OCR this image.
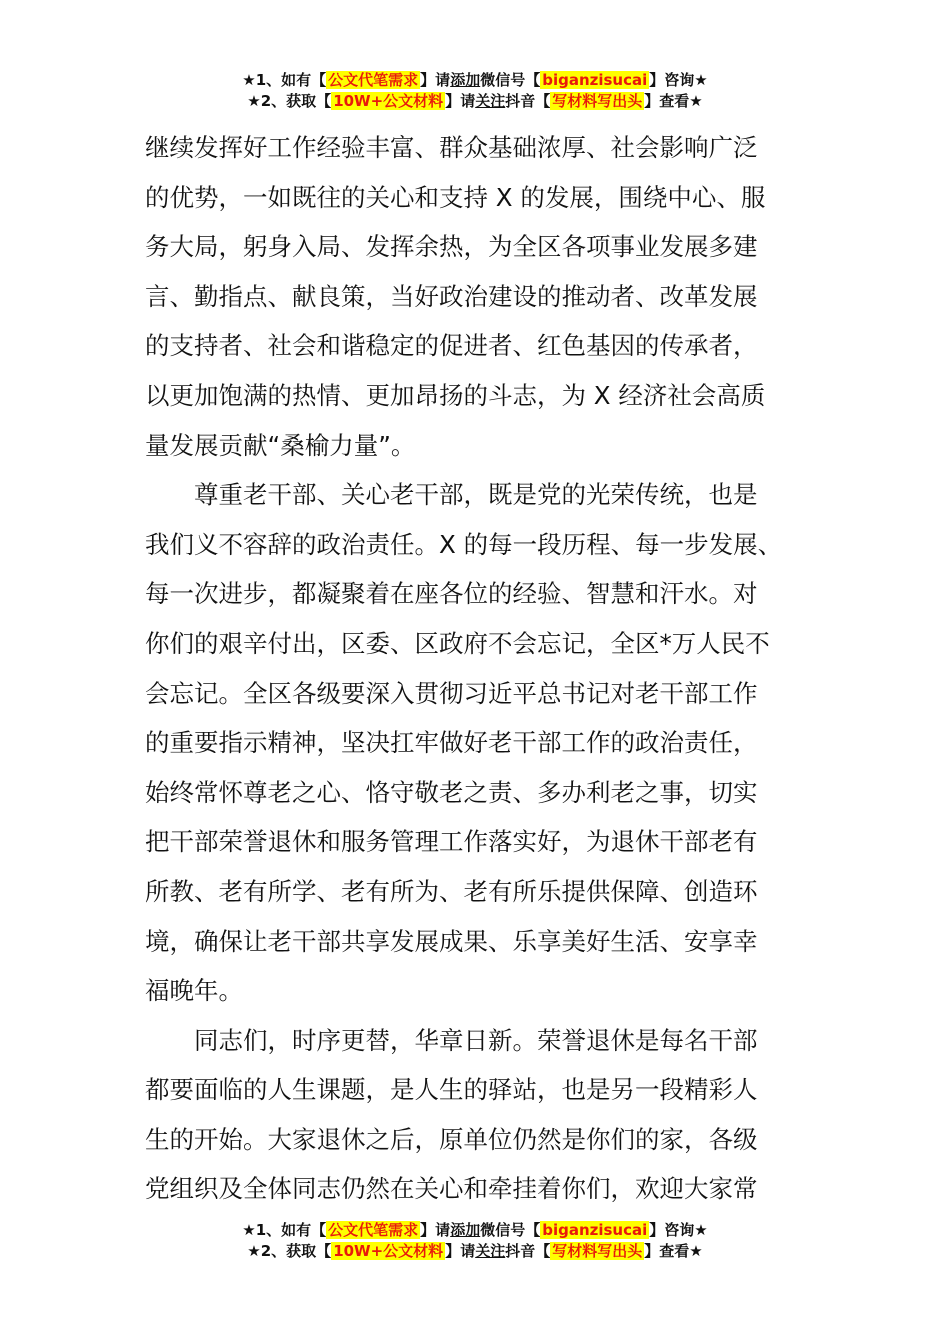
★1、如有【 公文代笔需求 】请添加微信号【 biganzisucai 】咨询★
★2、获取【 10W+公文材料 】请关注抖音【 写材料写出头 】查看★
继续发挥好工作经验丰富、群众基础浓厚、社会影响广泛
的优势，一如既往的关心和支持 X 的发展，围绕中心、服
务大局，躬身入局、发挥余热，为全区各项事业发展多建
言、勤指点、献良策，当好政治建设的推动者、改革发展
的支持者、社会和谐稳定的促进者、红色基因的传承者，
以更加饱满的热情、更加昂扬的斗志，为 X 经济社会高质
量发展贡献“桑榆力量”。
尊重老干部、关心老干部，既是党的光荣传统，也是
我们义不容辞的政治责任。X 的每一段历程、每一步发展、
每一次进步，都凝聚着在座各位的经验、智慧和汗水。对
你们的艰辛付出，区委、区政府不会忘记，全区*万人民不
会忘记。全区各级要深入贯彻习近平总书记对老干部工作
的重要指示精神，坚决扛牢做好老干部工作的政治责任，
始终常怀尊老之心、恪守敬老之责、多办利老之事，切实
把干部荣誉退休和服务管理工作落实好，为退休干部老有
所教、老有所学、老有所为、老有所乐提供保障、创造环
境，确保让老干部共享发展成果、乐享美好生活、安享幸
福晚年。
同志们，时序更替，华章日新。荣誉退休是每名干部
都要面临的人生课题，是人生的驿站，也是另一段精彩人
生的开始。大家退休之后，原单位仍然是你们的家，各级
党组织及全体同志仍然在关心和牵挂着你们，欢迎大家常
★1、如有【 公文代笔需求 】请添加微信号【 biganzisucai 】咨询★
★2、获取【 10W+公文材料 】请关注抖音【 写材料写出头 】查看★
